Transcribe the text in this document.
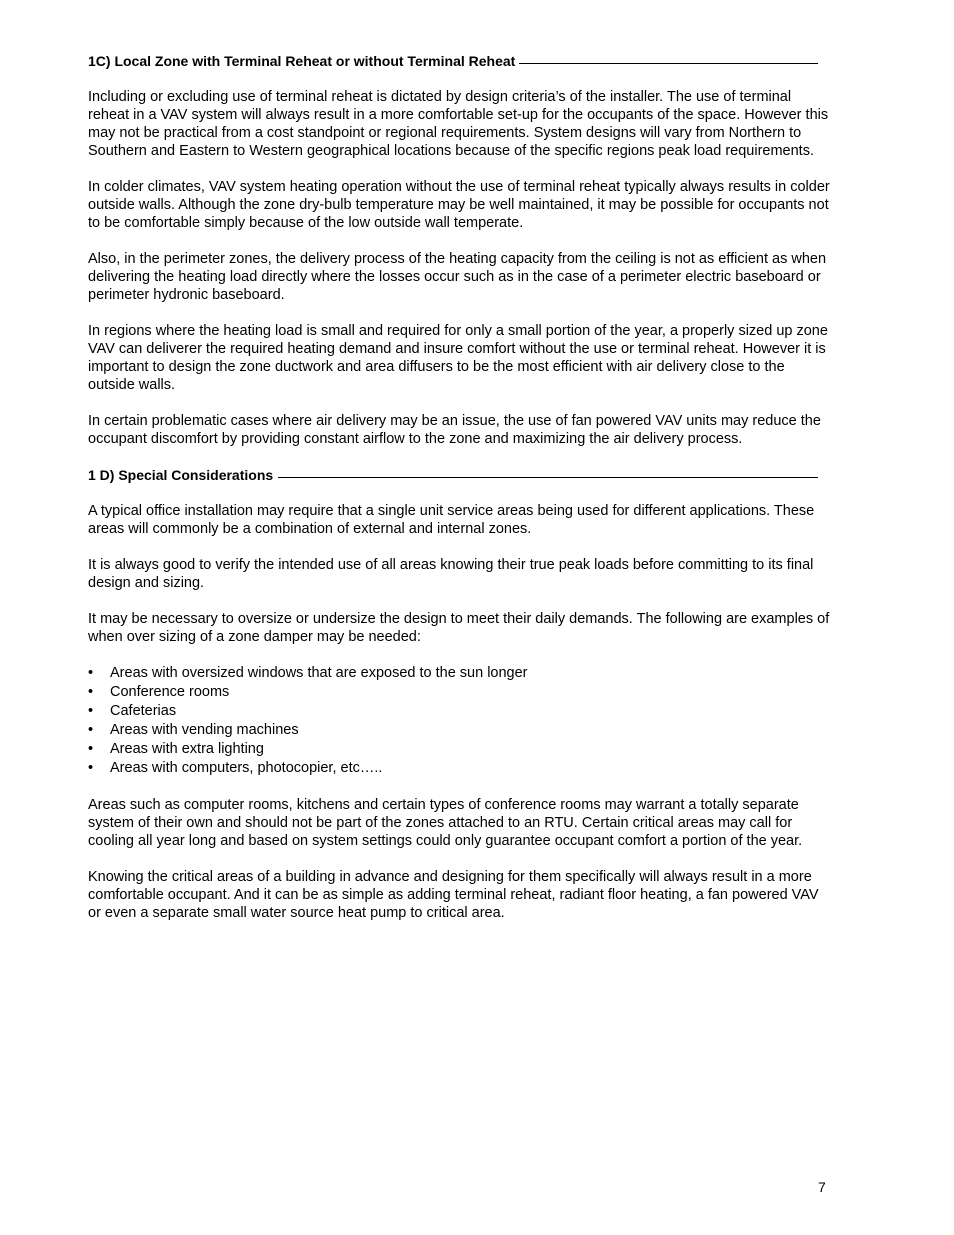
1C) Local Zone with Terminal Reheat or without Terminal Reheat

Including or excluding use of terminal reheat is dictated by design criteria’s of the installer. The use of terminal reheat in a VAV system will always result in a more comfortable set-up for the occupants of the space. However this may not be practical from a cost standpoint or regional requirements. System designs will vary from Northern to Southern and Eastern to Western geographical locations because of the specific regions peak load requirements.

In colder climates, VAV system heating operation without the use of terminal reheat typically always results in colder outside walls. Although the zone dry-bulb temperature may be well maintained, it may be possible for occupants not to be comfortable simply because of the low outside wall temperate.

Also, in the perimeter zones, the delivery process of the heating capacity from the ceiling is not as efficient as when delivering the heating load directly where the losses occur such as in the case of a perimeter electric baseboard or perimeter hydronic baseboard.

In regions where the heating load is small and required for only a small portion of the year, a properly sized up zone VAV can deliverer the required heating demand and insure comfort without the use or terminal reheat. However it is important to design the zone ductwork and area diffusers to be the most efficient with air delivery close to the outside walls.

In certain problematic cases where air delivery may be an issue, the use of fan powered VAV units may reduce the occupant discomfort by providing constant airflow to the zone and maximizing the air delivery process.

1 D) Special Considerations

A typical office installation may require that a single unit service areas being used for different applications. These areas will commonly be a combination of external and internal zones.

It is always good to verify the intended use of all areas knowing their true peak loads before committing to its final design and sizing.

It may be necessary to oversize or undersize the design to meet their daily demands. The following are examples of when over sizing of a zone damper may be needed:

• Areas with oversized windows that are exposed to the sun longer
• Conference rooms
• Cafeterias
• Areas with vending machines
• Areas with extra lighting
• Areas with computers, photocopier, etc…..

Areas such as computer rooms, kitchens and certain types of conference rooms may warrant a totally separate system of their own and should not be part of the zones attached to an RTU. Certain critical areas may call for cooling all year long and based on system settings could only guarantee occupant comfort a portion of the year.

Knowing the critical areas of a building in advance and designing for them specifically will always result in a more comfortable occupant. And it can be as simple as adding terminal reheat, radiant floor heating, a fan powered VAV or even a separate small water source heat pump to critical area.

7
